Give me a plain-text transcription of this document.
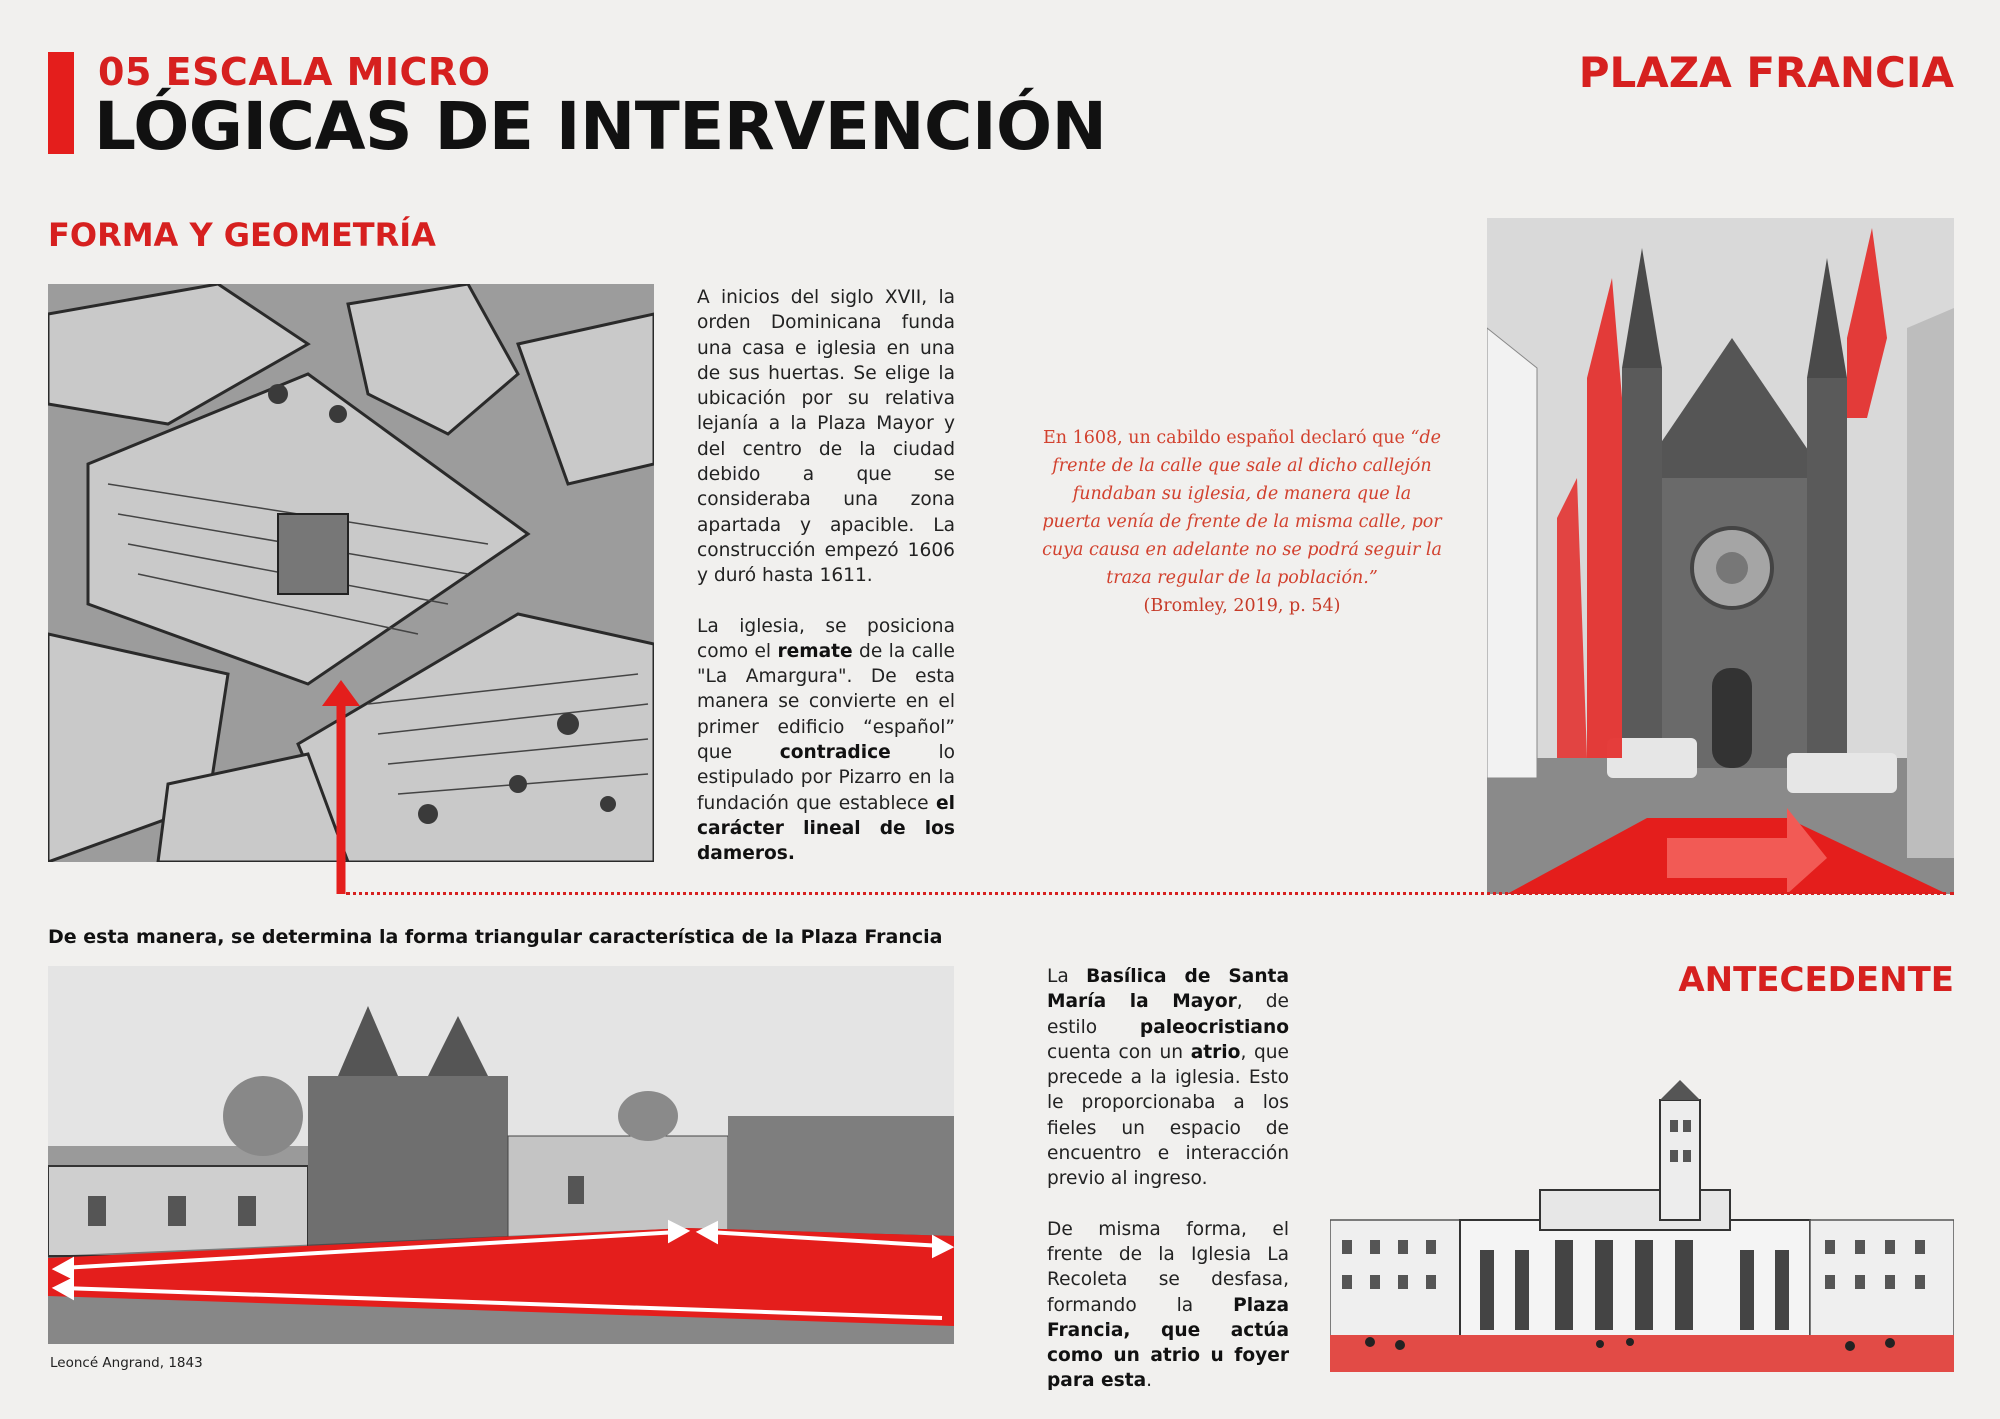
05 ESCALA MICRO
LÓGICAS DE INTERVENCIÓN
PLAZA FRANCIA
FORMA Y GEOMETRÍA

A inicios del siglo XVII, la orden Dominicana funda una casa e iglesia en una de sus huertas. Se elige la ubicación por su relativa lejanía a la Plaza Mayor y del centro de la ciudad debido a que se consideraba una zona apartada y apacible. La construcción empezó 1606 y duró hasta 1611.

La iglesia, se posiciona como el remate de la calle "La Amargura". De esta manera se convierte en el primer edificio “español” que contradice lo estipulado por Pizarro en la fundación que establece el carácter lineal de los dameros.

En 1608, un cabildo español declaró que “de frente de la calle que sale al dicho callejón fundaban su iglesia, de manera que la puerta venía de frente de la misma calle, por cuya causa en adelante no se podrá seguir la traza regular de la población.”
(Bromley, 2019, p. 54)
De esta manera, se determina la forma triangular característica de la Plaza Francia
Leoncé Angrand, 1843

La Basílica de Santa María la Mayor, de estilo paleocristiano cuenta con un atrio, que precede a la iglesia. Esto le proporcionaba a los fieles un espacio de encuentro e interacción previo al ingreso.

De misma forma, el frente de la Iglesia La Recoleta se desfasa, formando la Plaza Francia, que actúa como un atrio u foyer para esta.

ANTECEDENTE
